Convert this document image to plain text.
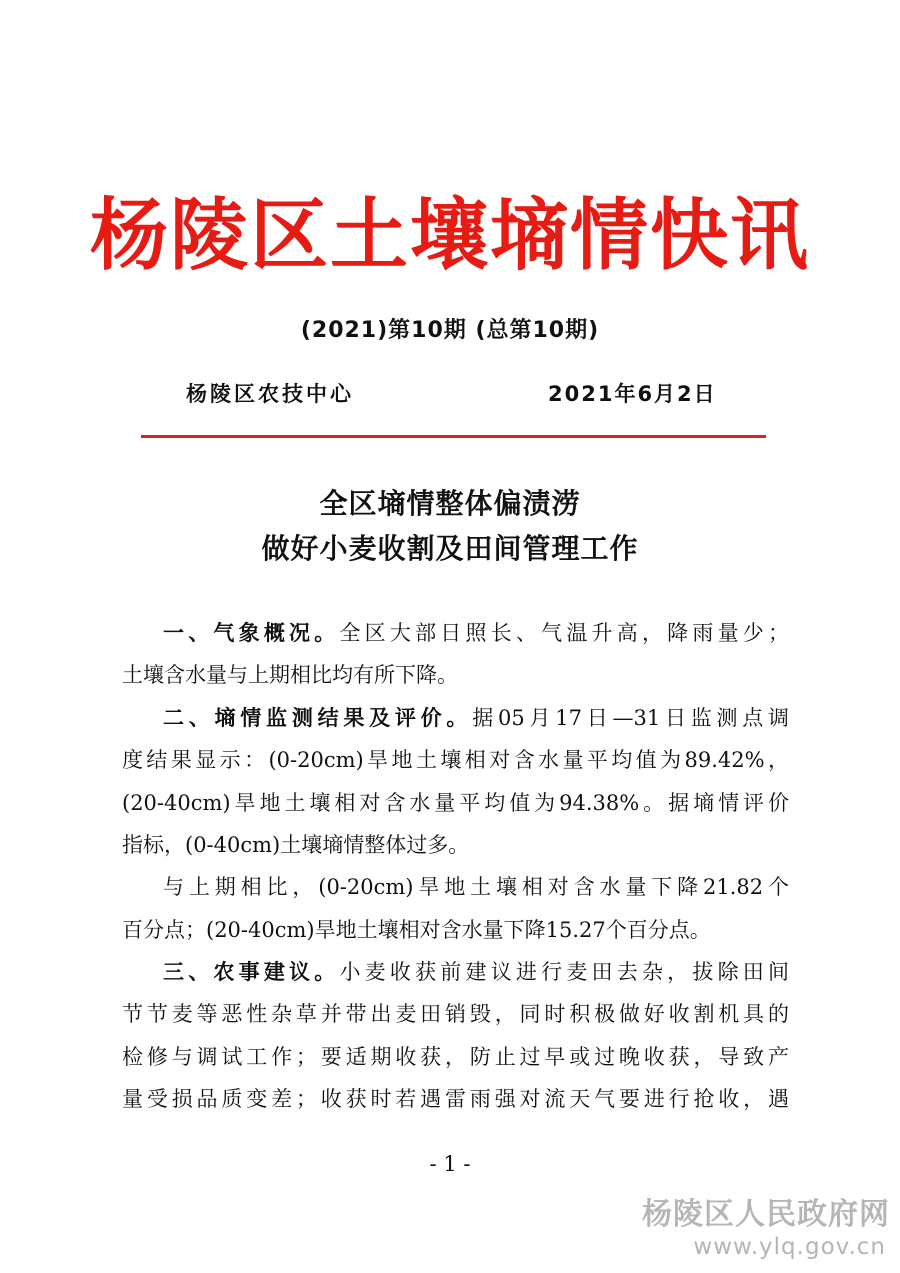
杨陵区土壤墒情快讯
(2021)第10期 (总第10期)
杨陵区农技中心	2021年6月2日
全区墒情整体偏渍涝
做好小麦收割及田间管理工作
一、气象概况。全区大部日照长、气温升高，降雨量少；
土壤含水量与上期相比均有所下降。
二、墒情监测结果及评价。据05月17日—31日监测点调
度结果显示：(0-20cm)旱地土壤相对含水量平均值为89.42%，
(20-40cm)旱地土壤相对含水量平均值为94.38%。据墒情评价
指标，(0-40cm)土壤墒情整体过多。
与上期相比，(0-20cm)旱地土壤相对含水量下降21.82个
百分点；(20-40cm)旱地土壤相对含水量下降15.27个百分点。
三、农事建议。小麦收获前建议进行麦田去杂，拔除田间
节节麦等恶性杂草并带出麦田销毁，同时积极做好收割机具的
检修与调试工作；要适期收获，防止过早或过晚收获，导致产
量受损品质变差；收获时若遇雷雨强对流天气要进行抢收，遇
- 1 -
杨陵区人民政府网
www.ylq.gov.cn
